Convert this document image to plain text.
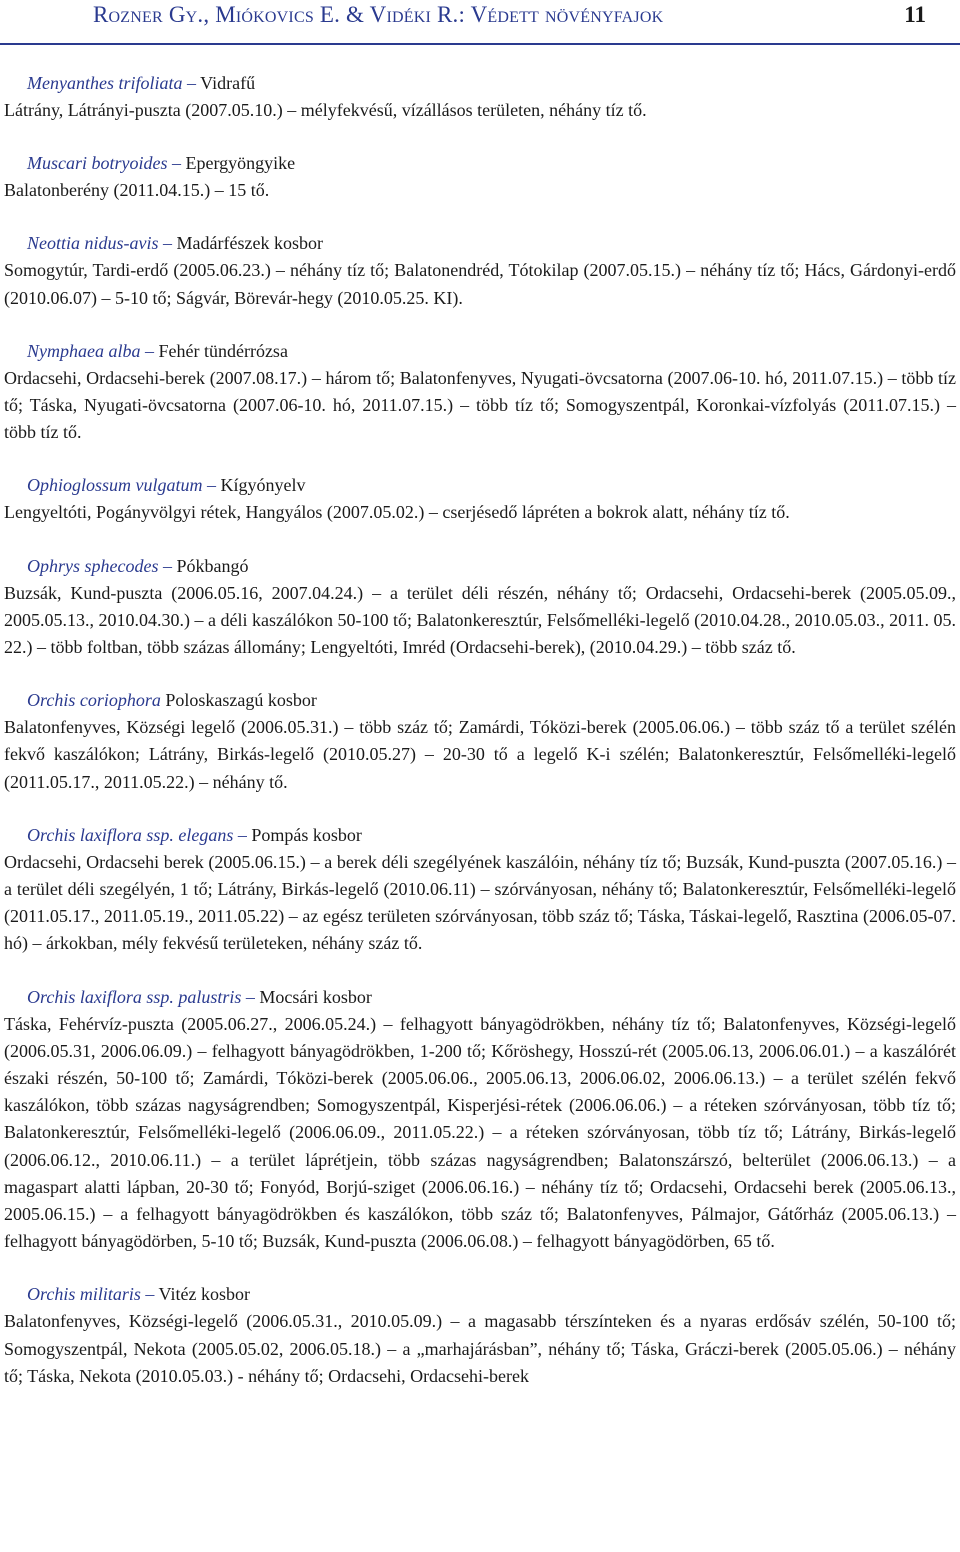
Rozner Gy., Miókovics E. & Vidéki R.: Védett növényfajok	11
Menyanthes trifoliata – Vidrafű

Látrány, Látrányi-puszta (2007.05.10.) – mélyfekvésű, vízállásos területen, néhány tíz tő.

Muscari botryoides – Epergyöngyike

Balatonberény (2011.04.15.) – 15 tő.

Neottia nidus-avis – Madárfészek kosbor

Somogytúr, Tardi-erdő (2005.06.23.) – néhány tíz tő; Balatonendréd, Tótokilap (2007.05.15.) – néhány tíz tő; Hács, Gárdonyi-erdő (2010.06.07) – 5-10 tő; Ságvár, Börevár-hegy (2010.05.25. KI).

Nymphaea alba – Fehér tündérrózsa

Ordacsehi, Ordacsehi-berek (2007.08.17.) – három tő; Balatonfenyves, Nyugati-övcsatorna (2007.06-10. hó, 2011.07.15.) – több tíz tő; Táska, Nyugati-övcsatorna (2007.06-10. hó, 2011.07.15.) – több tíz tő; Somogyszentpál, Koronkai-vízfolyás (2011.07.15.) – több tíz tő.

Ophioglossum vulgatum – Kígyónyelv

Lengyeltóti, Pogányvölgyi rétek, Hangyálos (2007.05.02.) – cserjésedő lápréten a bokrok alatt, néhány tíz tő.

Ophrys sphecodes – Pókbangó

Buzsák, Kund-puszta (2006.05.16, 2007.04.24.) – a terület déli részén, néhány tő; Ordacsehi, Ordacsehi-berek (2005.05.09., 2005.05.13., 2010.04.30.) – a déli kaszálókon 50-100 tő; Balatonkeresztúr, Felsőmelléki-legelő (2010.04.28., 2010.05.03., 2011. 05. 22.) – több foltban, több százas állomány; Lengyeltóti, Imréd (Ordacsehi-berek), (2010.04.29.) – több száz tő.

Orchis coriophora Poloskaszagú kosbor

Balatonfenyves, Községi legelő (2006.05.31.) – több száz tő; Zamárdi, Tóközi-berek (2005.06.06.) – több száz tő a terület szélén fekvő kaszálókon; Látrány, Birkás-legelő (2010.05.27) – 20-30 tő a legelő K-i szélén; Balatonkeresztúr, Felsőmelléki-legelő (2011.05.17., 2011.05.22.) – néhány tő.

Orchis laxiflora ssp. elegans – Pompás kosbor

Ordacsehi, Ordacsehi berek (2005.06.15.) – a berek déli szegélyének kaszálóin, néhány tíz tő; Buzsák, Kund-puszta (2007.05.16.) – a terület déli szegélyén, 1 tő; Látrány, Birkás-legelő (2010.06.11) – szórványosan, néhány tő; Balatonkeresztúr, Felsőmelléki-legelő (2011.05.17., 2011.05.19., 2011.05.22) – az egész területen szórványosan, több száz tő; Táska, Táskai-legelő, Rasztina (2006.05-07. hó) – árkokban, mély fekvésű területeken, néhány száz tő.

Orchis laxiflora ssp. palustris – Mocsári kosbor

Táska, Fehérvíz-puszta (2005.06.27., 2006.05.24.) – felhagyott bányagödrökben, néhány tíz tő; Balatonfenyves, Községi-legelő (2006.05.31, 2006.06.09.) – felhagyott bányagödrökben, 1-200 tő; Kőröshegy, Hosszú-rét (2005.06.13, 2006.06.01.) – a kaszálórét északi részén, 50-100 tő; Zamárdi, Tóközi-berek (2005.06.06., 2005.06.13, 2006.06.02, 2006.06.13.) – a terület szélén fekvő kaszálókon, több százas nagyságrendben; Somogyszentpál, Kisperjési-rétek (2006.06.06.) – a réteken szórványosan, több tíz tő; Balatonkeresztúr, Felsőmelléki-legelő (2006.06.09., 2011.05.22.) – a réteken szórványosan, több tíz tő; Látrány, Birkás-legelő (2006.06.12., 2010.06.11.) – a terület láprétjein, több százas nagyságrendben; Balatonszárszó, belterület (2006.06.13.) – a magaspart alatti lápban, 20-30 tő; Fonyód, Borjú-sziget (2006.06.16.) – néhány tíz tő; Ordacsehi, Ordacsehi berek (2005.06.13., 2005.06.15.) – a felhagyott bányagödrökben és kaszálókon, több száz tő; Balatonfenyves, Pálmajor, Gátőrház (2005.06.13.) – felhagyott bányagödörben, 5-10 tő; Buzsák, Kund-puszta (2006.06.08.) – felhagyott bányagödörben, 65 tő.

Orchis militaris – Vitéz kosbor

Balatonfenyves, Községi-legelő (2006.05.31., 2010.05.09.) – a magasabb térszínteken és a nyaras erdősáv szélén, 50-100 tő; Somogyszentpál, Nekota (2005.05.02, 2006.05.18.) – a „marhajárásban”, néhány tő; Táska, Gráczi-berek (2005.05.06.) – néhány tő; Táska, Nekota (2010.05.03.) - néhány tő; Ordacsehi, Ordacsehi-berek
